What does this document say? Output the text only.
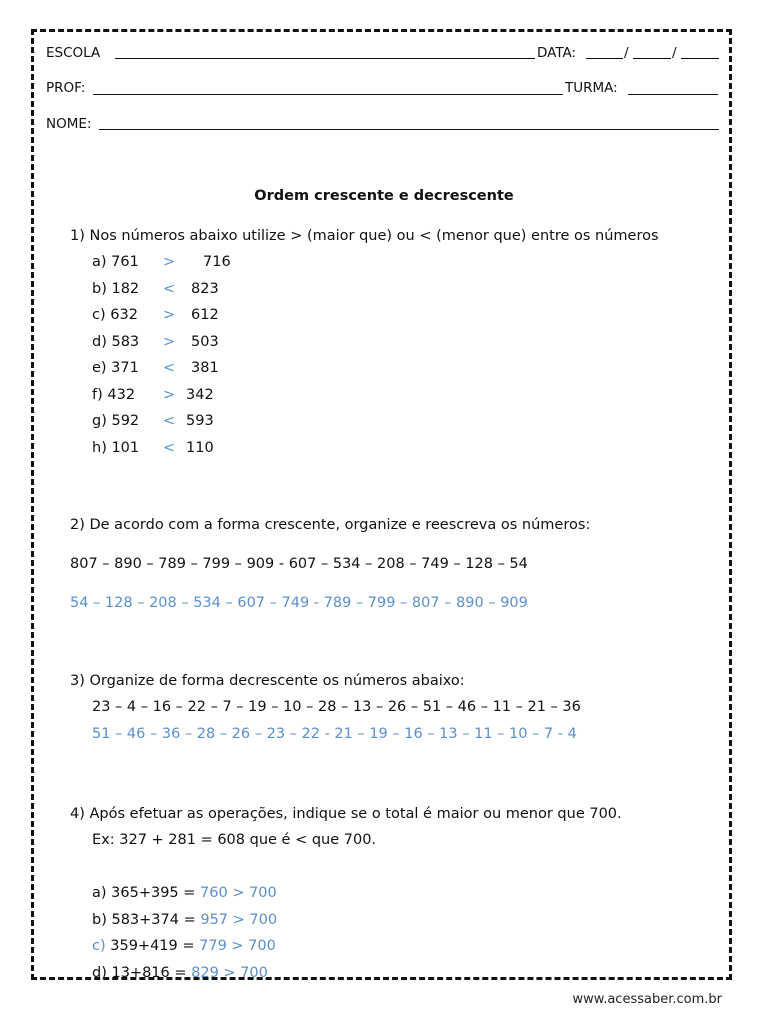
ESCOLA	DATA:	/	/
PROF:	TURMA:
NOME:
Ordem crescente e decrescente
1) Nos números abaixo utilize > (maior que) ou < (menor que) entre os números
a) 761 > 716
b) 182 < 823
c) 632 > 612
d) 583 > 503
e) 371 < 381
f) 432 > 342
g) 592 < 593
h) 101 < 110
2) De acordo com a forma crescente, organize e reescreva os números:
807 – 890 – 789 – 799 – 909 - 607 – 534 – 208 – 749 – 128 – 54
54 – 128 – 208 – 534 – 607 – 749 - 789 – 799 – 807 – 890 – 909
3) Organize de forma decrescente os números abaixo:
23 – 4 – 16 – 22 – 7 – 19 – 10 – 28 – 13 – 26 – 51 – 46 – 11 – 21 – 36
51 – 46 – 36 – 28 – 26 – 23 – 22 - 21 – 19 – 16 – 13 – 11 – 10 – 7 - 4
4) Após efetuar as operações, indique se o total é maior ou menor que 700.
Ex: 327 + 281 = 608 que é < que 700.
a) 365+395 = 760 > 700
b) 583+374 = 957 > 700
c) 359+419 = 779 > 700
d) 13+816 = 829 > 700
www.acessaber.com.br
